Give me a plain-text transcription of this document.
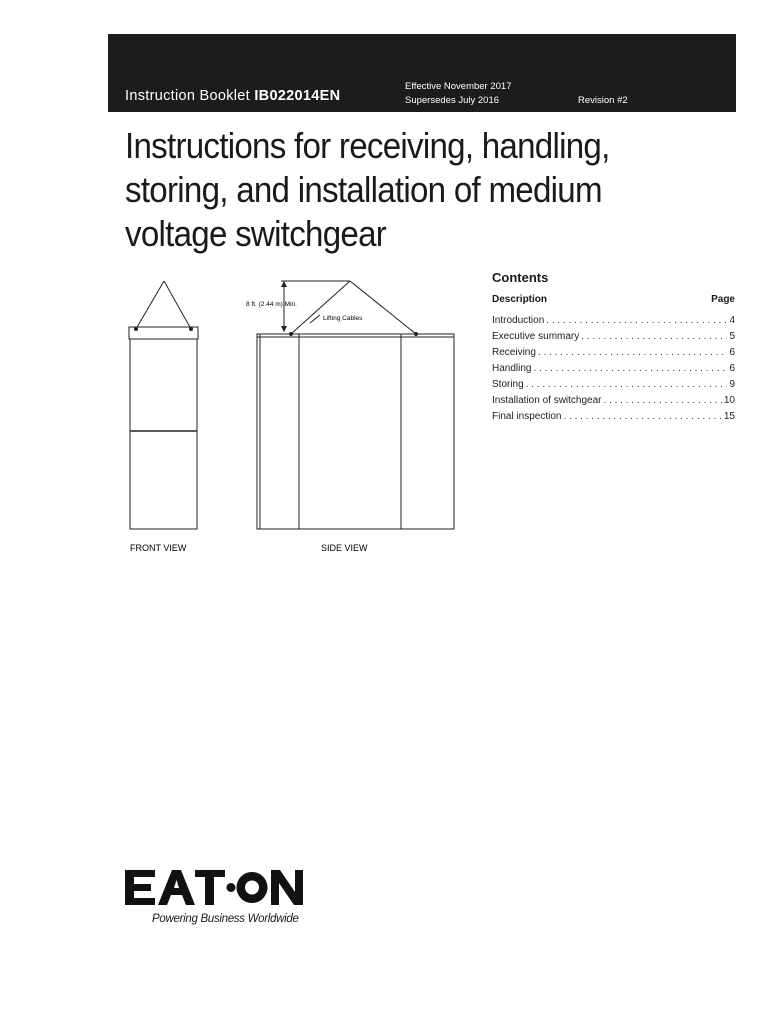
Instruction Booklet IB022014EN
Effective November 2017
Supersedes July 2016	Revision #2
Instructions for receiving, handling, storing, and installation of medium voltage switchgear
8 ft. (2.44 m) Min.
Lifting Cables
FRONT VIEW	SIDE VIEW
Contents
Description	Page
Introduction . . .	4
Executive summary . . .	5
Receiving . . .	6
Handling . . .	6
Storing . . .	9
Installation of switchgear . . .	10
Final inspection . . .	15
Powering Business Worldwide
